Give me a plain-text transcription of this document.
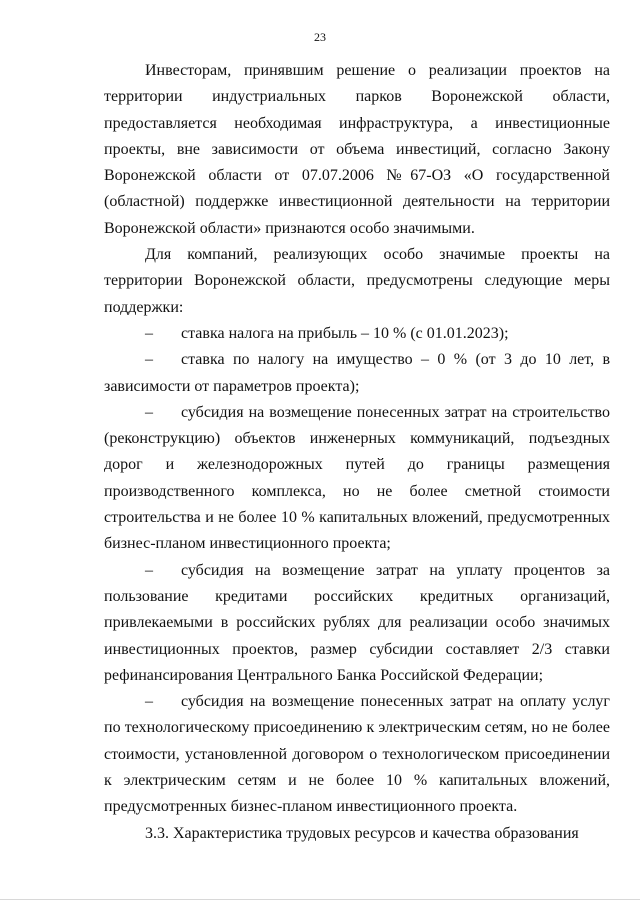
23

Инвесторам, принявшим решение о реализации проектов на территории индустриальных парков Воронежской области, предоставляется необходимая инфраструктура, а инвестиционные проекты, вне зависимости от объема инвестиций, согласно Закону Воронежской области от 07.07.2006 №67-ОЗ «О государственной (областной) поддержке инвестиционной деятельности на территории Воронежской области» признаются особо значимыми.

Для компаний, реализующих особо значимые проекты на территории Воронежской области, предусмотрены следующие меры поддержки:

– ставка налога на прибыль – 10 % (с 01.01.2023);

– ставка по налогу на имущество – 0 % (от 3 до 10 лет, в зависимости от параметров проекта);

– субсидия на возмещение понесенных затрат на строительство (реконструкцию) объектов инженерных коммуникаций, подъездных дорог и железнодорожных путей до границы размещения производственного комплекса, но не более сметной стоимости строительства и не более 10 % капитальных вложений, предусмотренных бизнес-планом инвестиционного проекта;

– субсидия на возмещение затрат на уплату процентов за пользование кредитами российских кредитных организаций, привлекаемыми в российских рублях для реализации особо значимых инвестиционных проектов, размер субсидии составляет 2/3 ставки рефинансирования Центрального Банка Российской Федерации;

– субсидия на возмещение понесенных затрат на оплату услуг по технологическому присоединению к электрическим сетям, но не более стоимости, установленной договором о технологическом присоединении к электрическим сетям и не более 10 % капитальных вложений, предусмотренных бизнес-планом инвестиционного проекта.

3.3. Характеристика трудовых ресурсов и качества образования
